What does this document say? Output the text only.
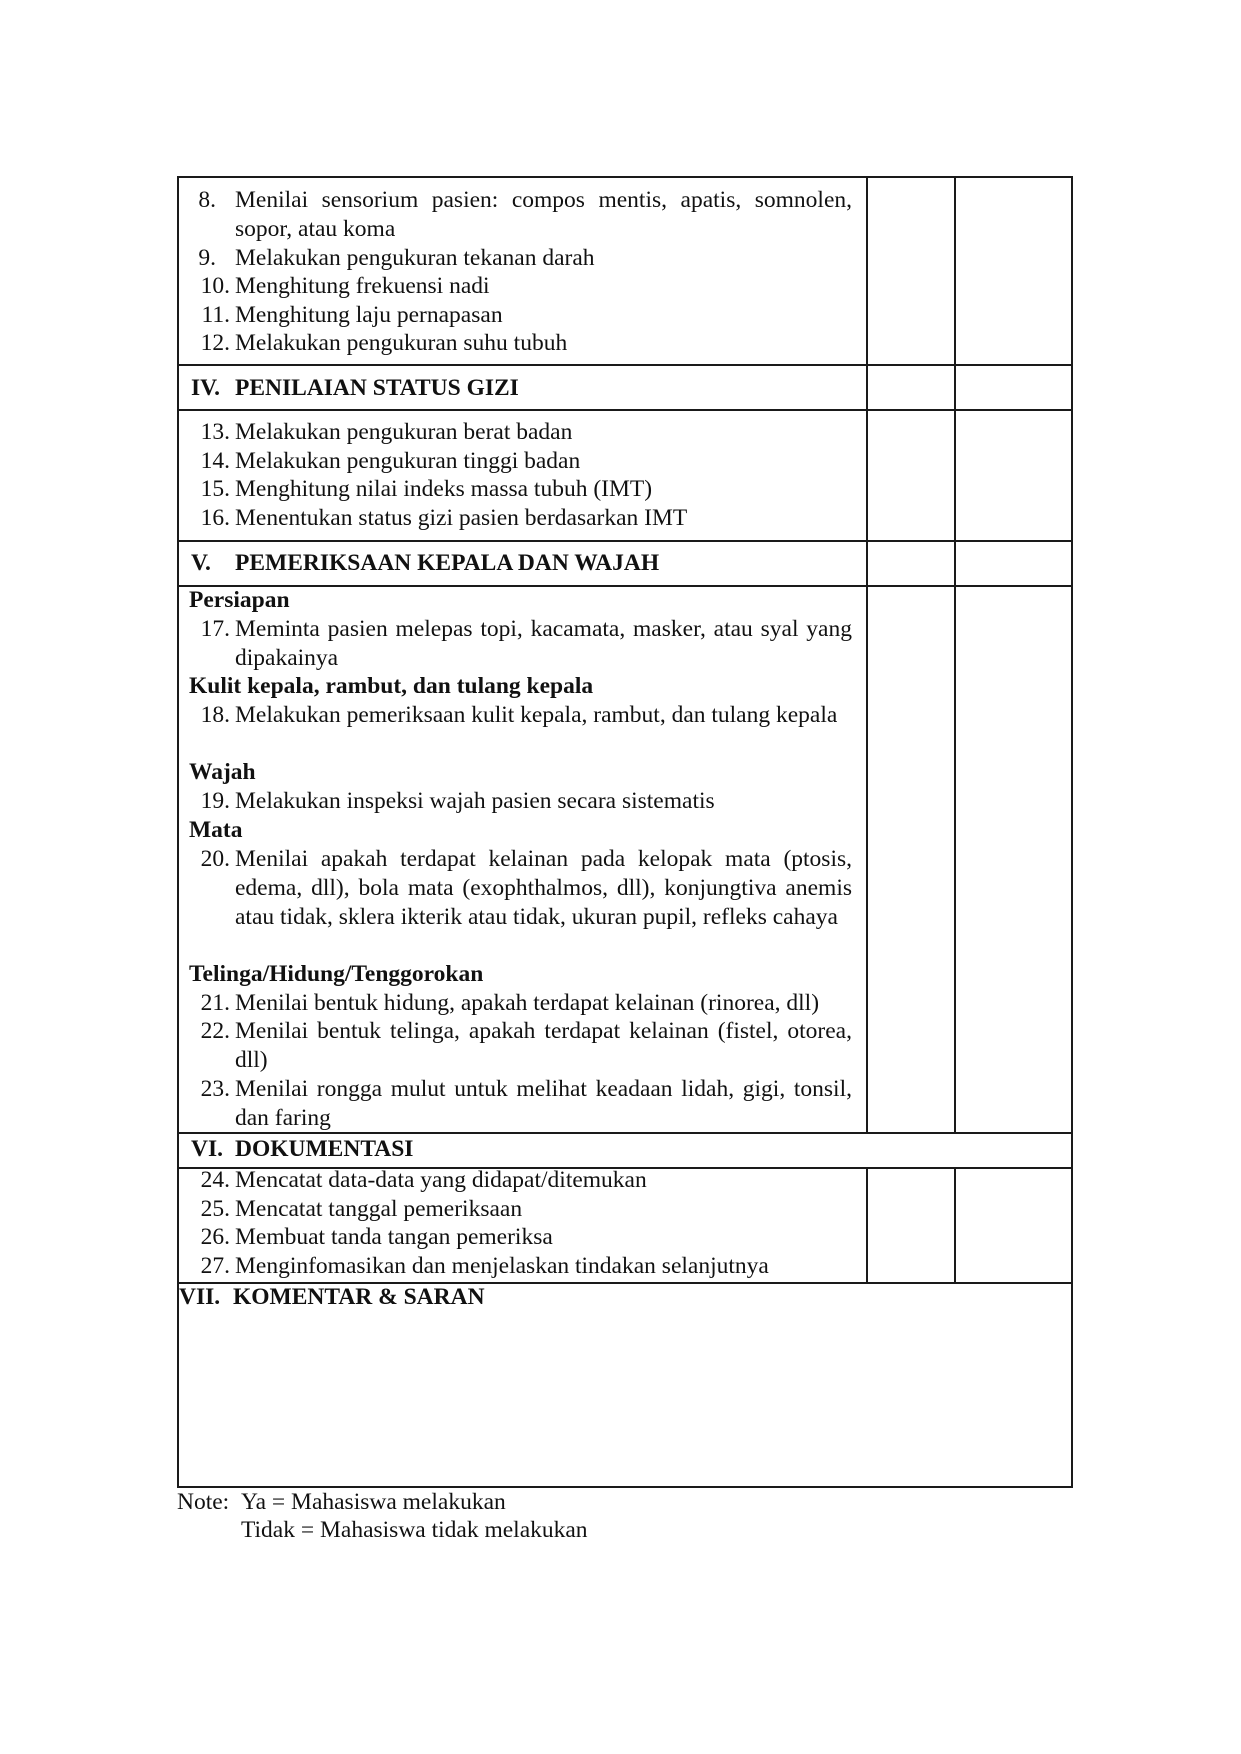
8. Menilai sensorium pasien: compos mentis, apatis, somnolen, sopor, atau koma
9. Melakukan pengukuran tekanan darah
10. Menghitung frekuensi nadi
11. Menghitung laju pernapasan
12. Melakukan pengukuran suhu tubuh
IV. PENILAIAN STATUS GIZI
13. Melakukan pengukuran berat badan
14. Melakukan pengukuran tinggi badan
15. Menghitung nilai indeks massa tubuh (IMT)
16. Menentukan status gizi pasien berdasarkan IMT
V. PEMERIKSAAN KEPALA DAN WAJAH
Persiapan
17. Meminta pasien melepas topi, kacamata, masker, atau syal yang dipakainya
Kulit kepala, rambut, dan tulang kepala
18. Melakukan pemeriksaan kulit kepala, rambut, dan tulang kepala
Wajah
19. Melakukan inspeksi wajah pasien secara sistematis
Mata
20. Menilai apakah terdapat kelainan pada kelopak mata (ptosis, edema, dll), bola mata (exophthalmos, dll), konjungtiva anemis atau tidak, sklera ikterik atau tidak, ukuran pupil, refleks cahaya
Telinga/Hidung/Tenggorokan
21. Menilai bentuk hidung, apakah terdapat kelainan (rinorea, dll)
22. Menilai bentuk telinga, apakah terdapat kelainan (fistel, otorea, dll)
23. Menilai rongga mulut untuk melihat keadaan lidah, gigi, tonsil, dan faring
VI. DOKUMENTASI
24. Mencatat data-data yang didapat/ditemukan
25. Mencatat tanggal pemeriksaan
26. Membuat tanda tangan pemeriksa
27. Menginfomasikan dan menjelaskan tindakan selanjutnya
VII. KOMENTAR & SARAN
Note: Ya = Mahasiswa melakukan
Tidak = Mahasiswa tidak melakukan
